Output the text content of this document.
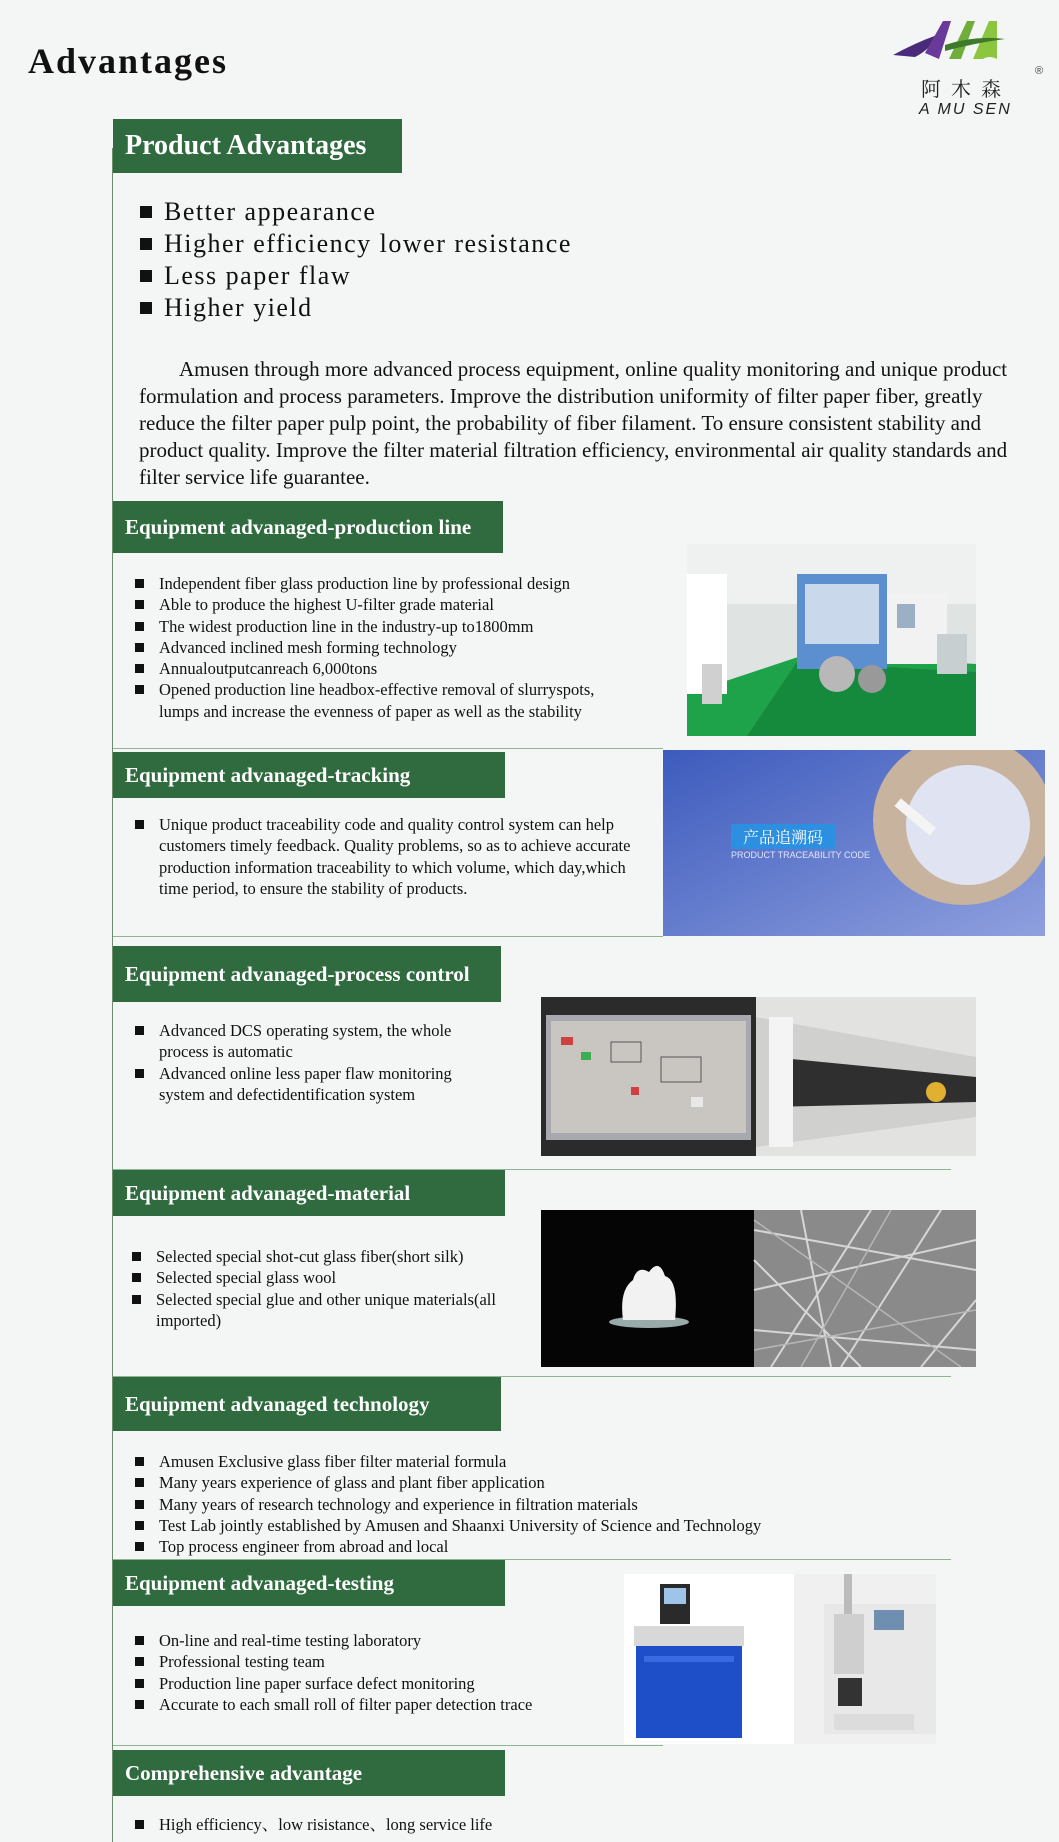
Advantages
阿木森
A MU SEN
®
Product Advantages
Better appearance
Higher efficiency lower resistance
Less paper flaw
Higher yield
Amusen through more advanced process equipment, online quality monitoring and unique product formulation and process parameters. Improve the distribution uniformity of filter paper fiber, greatly reduce the filter paper pulp point, the probability of fiber filament. To ensure consistent stability and product quality. Improve the filter material filtration efficiency, environmental air quality standards and filter service life guarantee.
Equipment advanaged-production line
Independent fiber glass production line by professional design
Able to produce the highest U-filter grade material
The widest production line in the industry-up to1800mm
Advanced inclined mesh forming technology
Annualoutputcanreach 6,000tons
Opened production line headbox-effective removal of slurryspots, lumps and increase the evenness of paper as well as the stability
Equipment advanaged-tracking
Unique product traceability code and quality control system can help customers timely feedback. Quality problems, so as to achieve accurate production information traceability to which volume, which day,which time period, to ensure the stability of products.
产品追溯码
PRODUCT TRACEABILITY CODE
Equipment advanaged-process control
Advanced DCS operating system, the whole process is automatic
Advanced online less paper flaw monitoring system and defectidentification system
Equipment advanaged-material
Selected special shot-cut glass fiber(short silk)
Selected special glass wool
Selected special glue and other unique materials(all imported)
Equipment advanaged technology
Amusen Exclusive glass fiber filter material formula
Many years experience of glass and plant fiber application
Many years of research technology and experience in filtration materials
Test Lab jointly established by Amusen and Shaanxi University of Science and Technology
Top process engineer from abroad and local
Equipment advanaged-testing
On-line and real-time testing laboratory
Professional testing team
Production line paper surface defect monitoring
Accurate to each small roll of filter paper detection trace
Comprehensive advantage
High efficiency、low risistance、long service life
